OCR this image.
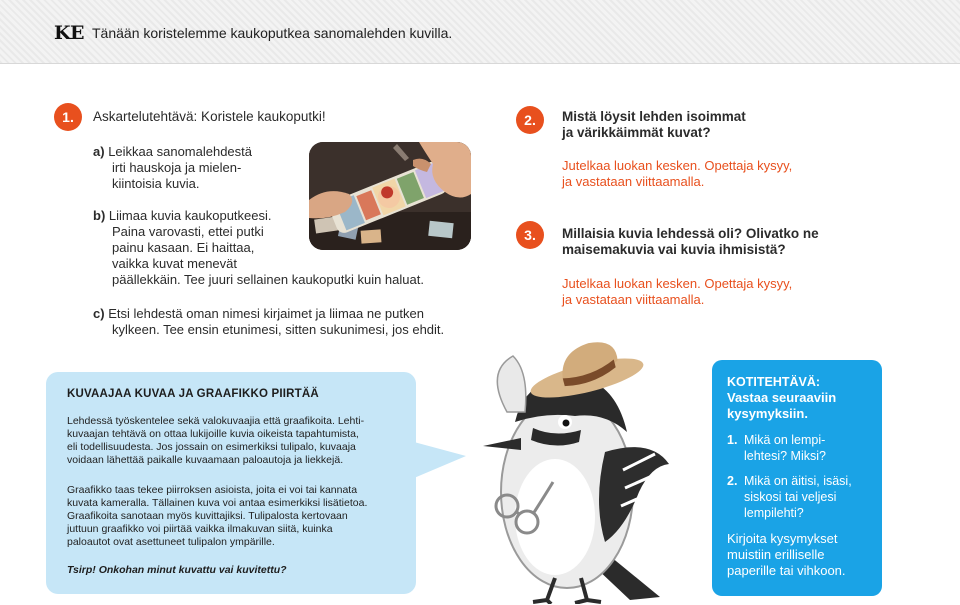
KE Tänään koristelemme kaukoputkea sanomalehden kuvilla.
1.	Askartelutehtävä: Koristele kaukoputki!
a) Leikkaa sanomalehdestä
irti hauskoja ja mielen-
kiintoisia kuvia.
b) Liimaa kuvia kaukoputkeesi.
Paina varovasti, ettei putki
painu kasaan. Ei haittaa,
vaikka kuvat menevät
päällekkäin. Tee juuri sellainen kaukoputki kuin haluat.
c) Etsi lehdestä oman nimesi kirjaimet ja liimaa ne putken
kylkeen. Tee ensin etunimesi, sitten sukunimesi, jos ehdit.
2.	Mistä löysit lehden isoimmat
ja värikkäimmät kuvat?
Jutelkaa luokan kesken. Opettaja kysyy,
ja vastataan viittaamalla.
3.	Millaisia kuvia lehdessä oli? Olivatko ne
maisemakuvia vai kuvia ihmisistä?
Jutelkaa luokan kesken. Opettaja kysyy,
ja vastataan viittaamalla.
KUVAAJAA KUVAA JA GRAAFIKKO PIIRTÄÄ
Lehdessä työskentelee sekä valokuvaajia että graafikoita. Lehti-
kuvaajan tehtävä on ottaa lukijoille kuvia oikeista tapahtumista,
eli todellisuudesta. Jos jossain on esimerkiksi tulipalo, kuvaaja
voidaan lähettää paikalle kuvaamaan paloautoja ja liekkejä.
Graafikko taas tekee piirroksen asioista, joita ei voi tai kannata
kuvata kameralla. Tällainen kuva voi antaa esimerkiksi lisätietoa.
Graafikoita sanotaan myös kuvittajiksi. Tulipalosta kertovaan
juttuun graafikko voi piirtää vaikka ilmakuvan siitä, kuinka
paloautot ovat asettuneet tulipalon ympärille.
Tsirp! Onkohan minut kuvattu vai kuvitettu?
KOTITEHTÄVÄ:
Vastaa seuraaviin
kysymyksiin.
1. Mikä on lempi-
lehtesi? Miksi?
2. Mikä on äitisi, isäsi,
siskosi tai veljesi
lempilehti?
Kirjoita kysymykset
muistiin erilliselle
paperille tai vihkoon.
